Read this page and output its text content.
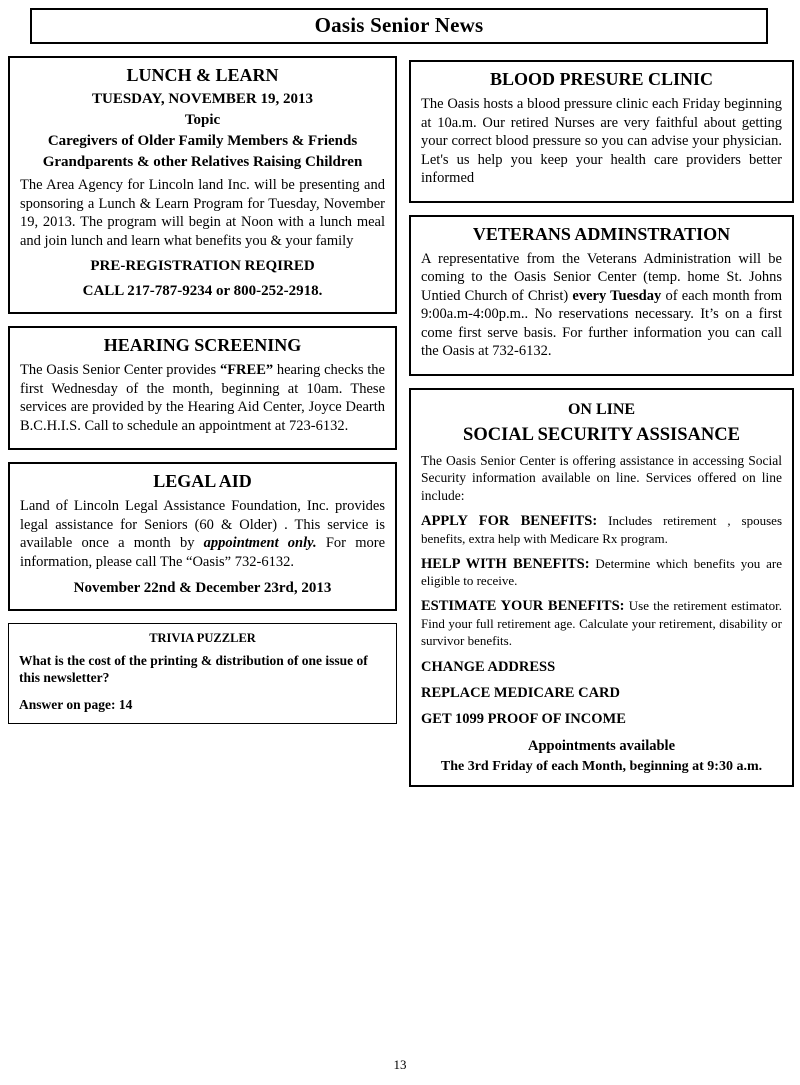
Oasis Senior News
LUNCH & LEARN
TUESDAY, NOVEMBER 19, 2013
Topic
Caregivers of Older Family Members & Friends
Grandparents & other Relatives Raising Children

The Area Agency for Lincoln land Inc. will be presenting and sponsoring a Lunch & Learn Program for Tuesday, November 19, 2013. The program will begin at Noon with a lunch meal and join lunch and learn what benefits you & your family

PRE-REGISTRATION REQIRED
CALL 217-787-9234 or 800-252-2918.
HEARING SCREENING

The Oasis Senior Center provides “FREE” hearing checks the first Wednesday of the month, beginning at 10am. These services are provided by the Hearing Aid Center, Joyce Dearth B.C.H.I.S. Call to schedule an appointment at 723-6132.

LEGAL AID

Land of Lincoln Legal Assistance Foundation, Inc. provides legal assistance for Seniors (60 & Older) . This service is available once a month by appointment only. For more information, please call The “Oasis” 732-6132.

November 22nd & December 23rd, 2013
TRIVIA PUZZLER
What is the cost of the printing & distribution of one issue of this newsletter?
Answer on page: 14
BLOOD PRESURE CLINIC

The Oasis hosts a blood pressure clinic each Friday beginning at 10a.m. Our retired Nurses are very faithful about getting your correct blood pressure so you can advise your physician. Let's us help you keep your health care providers better informed

VETERANS ADMINSTRATION

A representative from the Veterans Administration will be coming to the Oasis Senior Center (temp. home St. Johns Untied Church of Christ) every Tuesday of each month from 9:00a.m-4:00p.m.. No reservations necessary. It’s on a first come first serve basis. For further information you can call the Oasis at 732-6132.

ON LINE
SOCIAL SECURITY ASSISANCE

The Oasis Senior Center is offering assistance in accessing Social Security information available on line. Services offered on line include:

APPLY FOR BENEFITS: Includes retirement , spouses benefits, extra help with Medicare Rx program.

HELP WITH BENEFITS: Determine which benefits you are eligible to receive.

ESTIMATE YOUR BENEFITS: Use the retirement estimator. Find your full retirement age. Calculate your retirement, disability or survivor benefits.

CHANGE ADDRESS
REPLACE MEDICARE CARD
GET 1099 PROOF OF INCOME
Appointments available
The 3rd Friday of each Month, beginning at 9:30 a.m.
13
